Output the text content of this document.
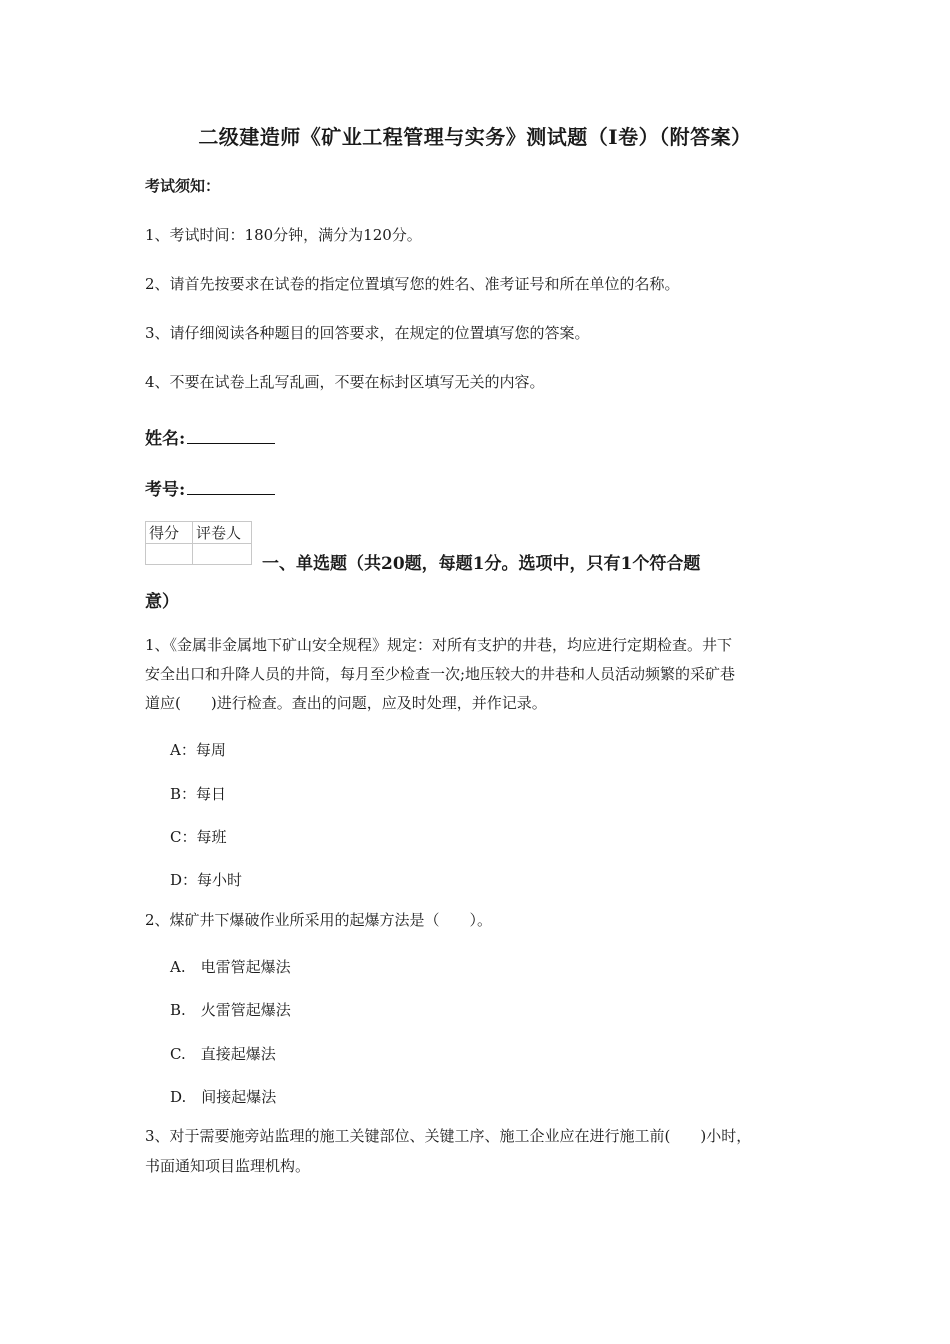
二级建造师《矿业工程管理与实务》测试题（I卷）（附答案）
考试须知：
1、考试时间：180分钟，满分为120分。
2、请首先按要求在试卷的指定位置填写您的姓名、准考证号和所在单位的名称。
3、请仔细阅读各种题目的回答要求，在规定的位置填写您的答案。
4、不要在试卷上乱写乱画，不要在标封区填写无关的内容。
姓名:
考号:
得分	评卷人

一、单选题（共20题，每题1分。选项中，只有1个符合题
意）
1、《金属非金属地下矿山安全规程》规定：对所有支护的井巷，均应进行定期检查。井下
安全出口和升降人员的井筒，每月至少检查一次;地压较大的井巷和人员活动频繁的采矿巷
道应(　　)进行检查。查出的问题，应及时处理，并作记录。
A：每周
B：每日
C：每班
D：每小时
2、煤矿井下爆破作业所采用的起爆方法是（　　）。
A.　电雷管起爆法
B.　火雷管起爆法
C.　直接起爆法
D.　间接起爆法
3、对于需要施旁站监理的施工关键部位、关键工序、施工企业应在进行施工前(　　)小时，
书面通知项目监理机构。
